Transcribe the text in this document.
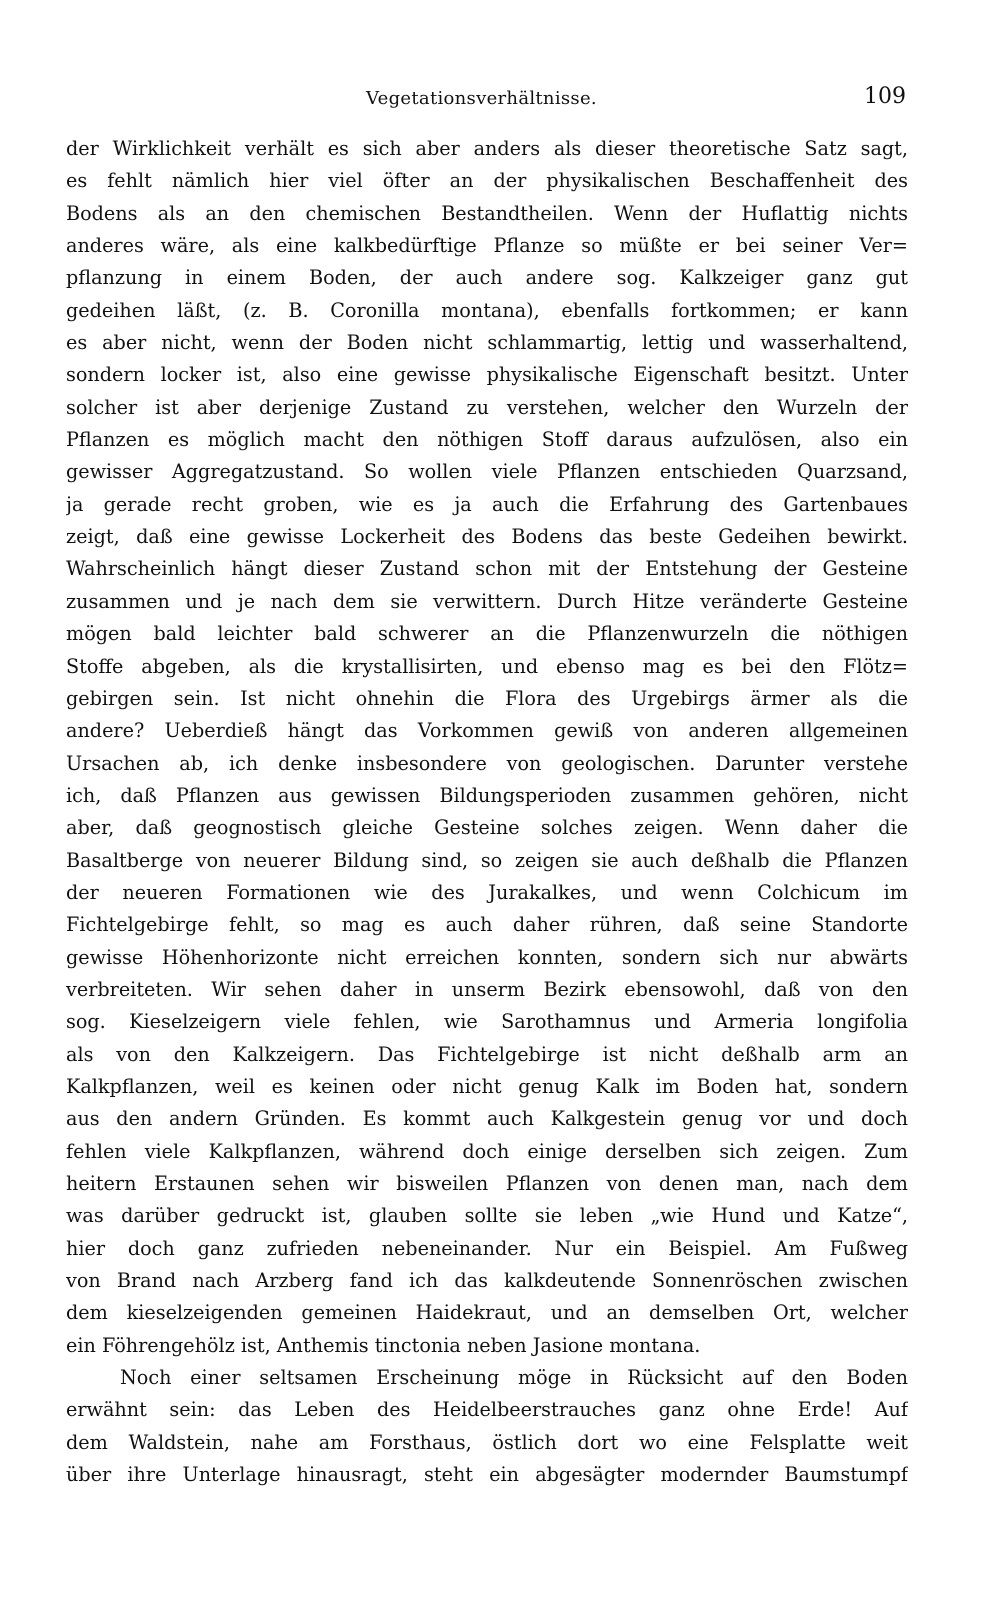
Vegetationsverhältnisse.	109
der Wirklichkeit verhält es sich aber anders als dieser theoretische Satz sagt,
es fehlt nämlich hier viel öfter an der physikalischen Beschaffenheit des
Bodens als an den chemischen Bestandtheilen. Wenn der Huflattig nichts
anderes wäre, als eine kalkbedürftige Pflanze so müßte er bei seiner Ver=
pflanzung in einem Boden, der auch andere sog. Kalkzeiger ganz gut
gedeihen läßt, (z. B. Coronilla montana), ebenfalls fortkommen; er kann
es aber nicht, wenn der Boden nicht schlammartig, lettig und wasserhaltend,
sondern locker ist, also eine gewisse physikalische Eigenschaft besitzt. Unter
solcher ist aber derjenige Zustand zu verstehen, welcher den Wurzeln der
Pflanzen es möglich macht den nöthigen Stoff daraus aufzulösen, also ein
gewisser Aggregatzustand. So wollen viele Pflanzen entschieden Quarzsand,
ja gerade recht groben, wie es ja auch die Erfahrung des Gartenbaues
zeigt, daß eine gewisse Lockerheit des Bodens das beste Gedeihen bewirkt.
Wahrscheinlich hängt dieser Zustand schon mit der Entstehung der Gesteine
zusammen und je nach dem sie verwittern. Durch Hitze veränderte Gesteine
mögen bald leichter bald schwerer an die Pflanzenwurzeln die nöthigen
Stoffe abgeben, als die krystallisirten, und ebenso mag es bei den Flötz=
gebirgen sein. Ist nicht ohnehin die Flora des Urgebirgs ärmer als die
andere? Ueberdieß hängt das Vorkommen gewiß von anderen allgemeinen
Ursachen ab, ich denke insbesondere von geologischen. Darunter verstehe
ich, daß Pflanzen aus gewissen Bildungsperioden zusammen gehören, nicht
aber, daß geognostisch gleiche Gesteine solches zeigen. Wenn daher die
Basaltberge von neuerer Bildung sind, so zeigen sie auch deßhalb die Pflanzen
der neueren Formationen wie des Jurakalkes, und wenn Colchicum im
Fichtelgebirge fehlt, so mag es auch daher rühren, daß seine Standorte
gewisse Höhenhorizonte nicht erreichen konnten, sondern sich nur abwärts
verbreiteten. Wir sehen daher in unserm Bezirk ebensowohl, daß von den
sog. Kieselzeigern viele fehlen, wie Sarothamnus und Armeria longifolia
als von den Kalkzeigern. Das Fichtelgebirge ist nicht deßhalb arm an
Kalkpflanzen, weil es keinen oder nicht genug Kalk im Boden hat, sondern
aus den andern Gründen. Es kommt auch Kalkgestein genug vor und doch
fehlen viele Kalkpflanzen, während doch einige derselben sich zeigen. Zum
heitern Erstaunen sehen wir bisweilen Pflanzen von denen man, nach dem
was darüber gedruckt ist, glauben sollte sie leben „wie Hund und Katze“,
hier doch ganz zufrieden nebeneinander. Nur ein Beispiel. Am Fußweg
von Brand nach Arzberg fand ich das kalkdeutende Sonnenröschen zwischen
dem kieselzeigenden gemeinen Haidekraut, und an demselben Ort, welcher
ein Föhrengehölz ist, Anthemis tinctonia neben Jasione montana.
Noch einer seltsamen Erscheinung möge in Rücksicht auf den Boden
erwähnt sein: das Leben des Heidelbeerstrauches ganz ohne Erde! Auf
dem Waldstein, nahe am Forsthaus, östlich dort wo eine Felsplatte weit
über ihre Unterlage hinausragt, steht ein abgesägter modernder Baumstumpf
